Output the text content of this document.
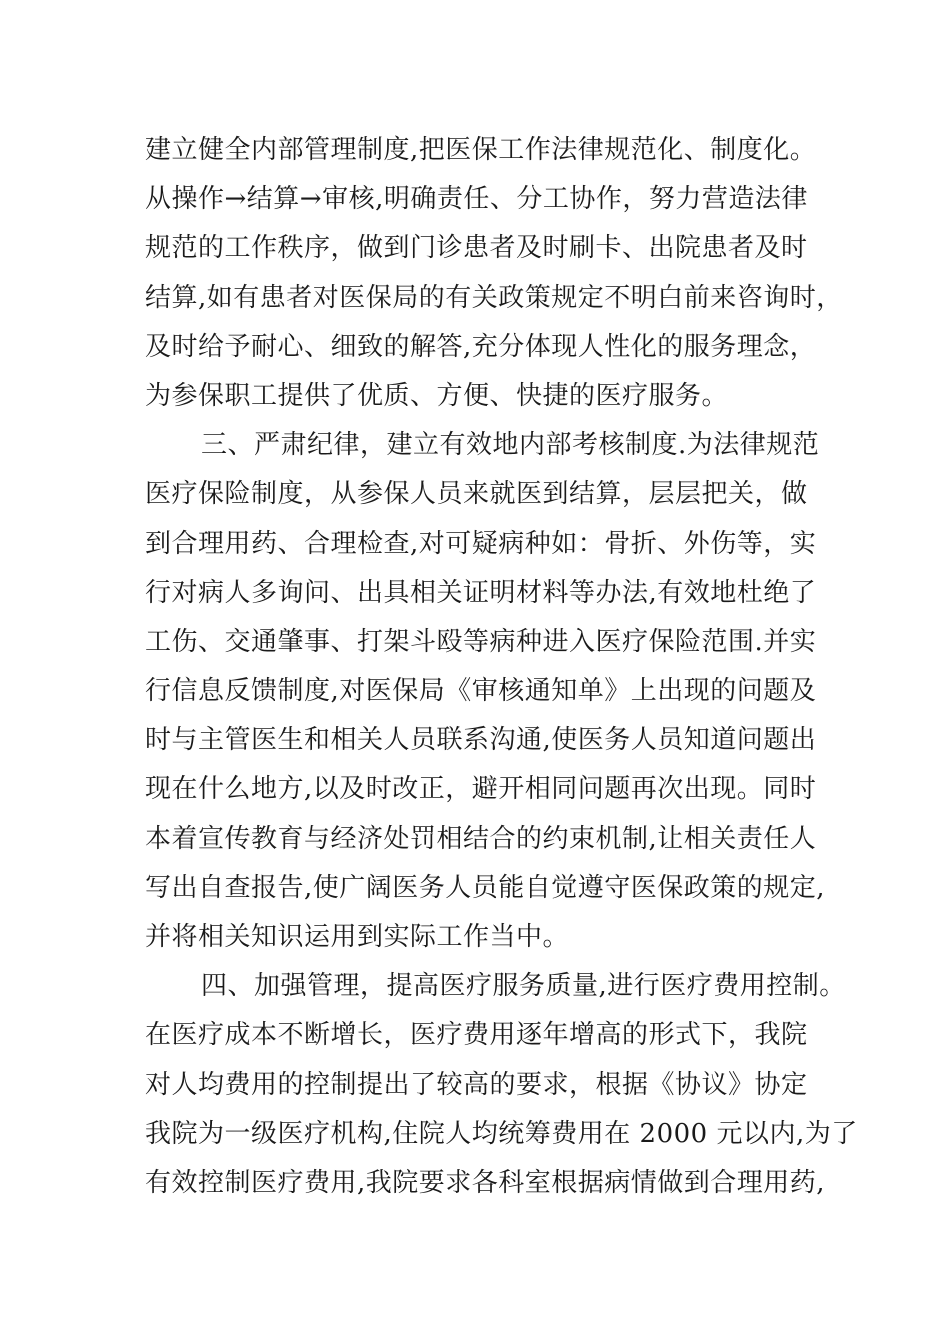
建立健全内部管理制度,把医保工作法律规范化、制度化。
从操作→结算→审核,明确责任、分工协作，努力营造法律
规范的工作秩序，做到门诊患者及时刷卡、出院患者及时
结算,如有患者对医保局的有关政策规定不明白前来咨询时，
及时给予耐心、细致的解答,充分体现人性化的服务理念，
为参保职工提供了优质、方便、快捷的医疗服务。
三、严肃纪律，建立有效地内部考核制度.为法律规范
医疗保险制度，从参保人员来就医到结算，层层把关，做
到合理用药、合理检查,对可疑病种如：骨折、外伤等，实
行对病人多询问、出具相关证明材料等办法,有效地杜绝了
工伤、交通肇事、打架斗殴等病种进入医疗保险范围.并实
行信息反馈制度,对医保局《审核通知单》上出现的问题及
时与主管医生和相关人员联系沟通,使医务人员知道问题出
现在什么地方,以及时改正，避开相同问题再次出现。同时
本着宣传教育与经济处罚相结合的约束机制,让相关责任人
写出自查报告,使广阔医务人员能自觉遵守医保政策的规定,
并将相关知识运用到实际工作当中。
四、加强管理，提高医疗服务质量,进行医疗费用控制。
在医疗成本不断增长，医疗费用逐年增高的形式下，我院
对人均费用的控制提出了较高的要求，根据《协议》协定
我院为一级医疗机构,住院人均统筹费用在 2000 元以内,为了
有效控制医疗费用,我院要求各科室根据病情做到合理用药,
